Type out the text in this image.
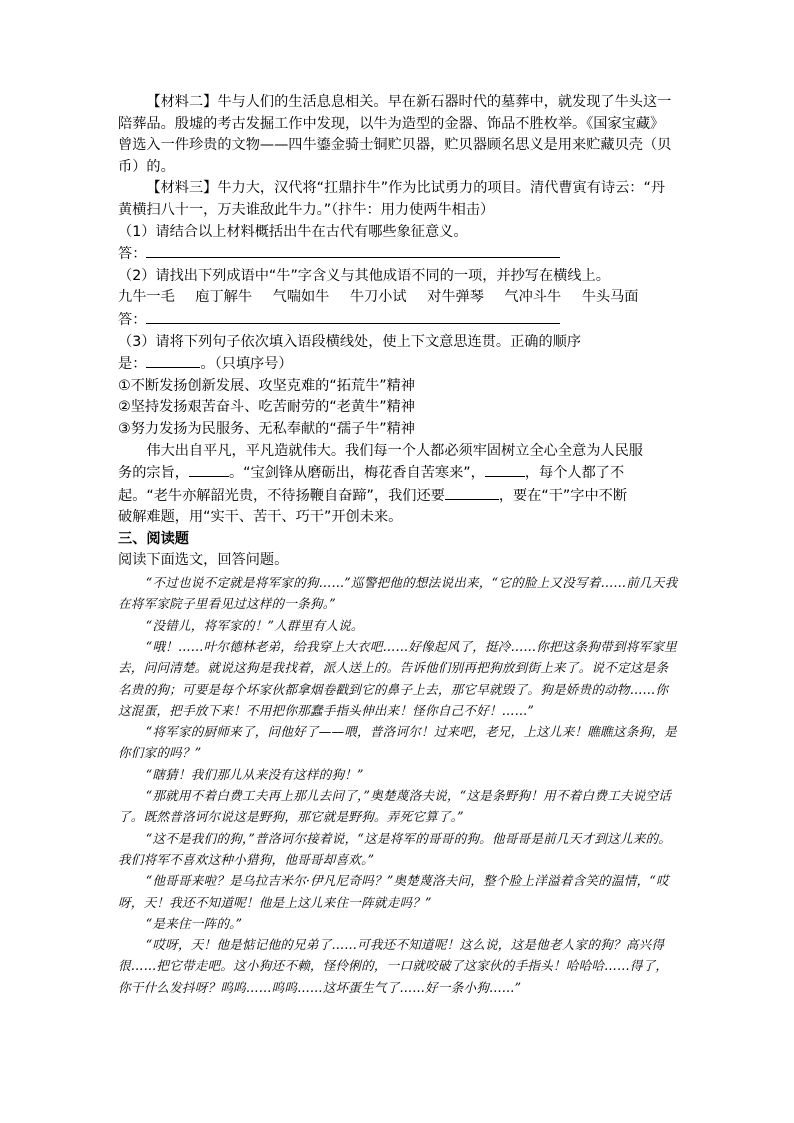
【材料二】牛与人们的生活息息相关。早在新石器时代的墓葬中，就发现了牛头这一陪葬品。殷墟的考古发掘工作中发现，以牛为造型的金器、饰品不胜枚举。《国家宝藏》曾选入一件珍贵的文物——四牛鎏金骑士铜贮贝器，贮贝器顾名思义是用来贮藏贝壳（贝币）的。

【材料三】牛力大，汉代将“扛鼎抃牛”作为比试勇力的项目。清代曹寅有诗云：“丹黄横扫八十一，万夫谁敌此牛力。”（抃牛：用力使两牛相击）

（1）请结合以上材料概括出牛在古代有哪些象征意义。

答：

（2）请找出下列成语中“牛”字含义与其他成语不同的一项，并抄写在横线上。

九牛一毛 庖丁解牛 气喘如牛 牛刀小试 对牛弹琴 气冲斗牛 牛头马面

答：

（3）请将下列句子依次填入语段横线处，使上下文意思连贯。正确的顺序

是：	。（只填序号）

①不断发扬创新发展、攻坚克难的“拓荒牛”精神

②坚持发扬艰苦奋斗、吃苦耐劳的“老黄牛”精神

③努力发扬为民服务、无私奉献的“孺子牛”精神

伟大出自平凡，平凡造就伟大。我们每一个人都必须牢固树立全心全意为人民服

务的宗旨，	。“宝剑锋从磨砺出，梅花香自苦寒来”，	，每个人都了不

起。“老牛亦解韶光贵，不待扬鞭自奋蹄”，我们还要	，要在“干”字中不断

破解难题，用“实干、苦干、巧干”开创未来。

三、阅读题

阅读下面选文，回答问题。

“不过也说不定就是将军家的狗……”巡警把他的想法说出来，“它的脸上又没写着……前几天我在将军家院子里看见过这样的一条狗。”

“没错儿，将军家的！”人群里有人说。

“哦！……叶尔德林老弟，给我穿上大衣吧……好像起风了，挺冷……你把这条狗带到将军家里去，问问清楚。就说这狗是我找着，派人送上的。告诉他们别再把狗放到街上来了。说不定这是条名贵的狗；可要是每个坏家伙都拿烟卷戳到它的鼻子上去，那它早就毁了。狗是娇贵的动物……你这混蛋，把手放下来！不用把你那蠢手指头伸出来！怪你自己不好！……”

“将军家的厨师来了，问他好了——喂，普洛诃尔！过来吧，老兄，上这儿来！瞧瞧这条狗，是你们家的吗？”

“瞎猜！我们那儿从来没有这样的狗！”

“那就用不着白费工夫再上那儿去问了，”奥楚蔑洛夫说，“这是条野狗！用不着白费工夫说空话了。既然普洛诃尔说这是野狗，那它就是野狗。弄死它算了。”

“这不是我们的狗，”普洛诃尔接着说，“这是将军的哥哥的狗。他哥哥是前几天才到这儿来的。我们将军不喜欢这种小猎狗，他哥哥却喜欢。”

“他哥哥来啦？是乌拉吉米尔·伊凡尼奇吗？”奥楚蔑洛夫问，整个脸上洋溢着含笑的温情，“哎呀，天！我还不知道呢！他是上这儿来住一阵就走吗？”

“是来住一阵的。”

“哎呀，天！他是惦记他的兄弟了……可我还不知道呢！这么说，这是他老人家的狗？高兴得很……把它带走吧。这小狗还不赖，怪伶俐的，一口就咬破了这家伙的手指头！哈哈哈……得了，你干什么发抖呀？呜呜……呜呜……这坏蛋生气了……好一条小狗……”
